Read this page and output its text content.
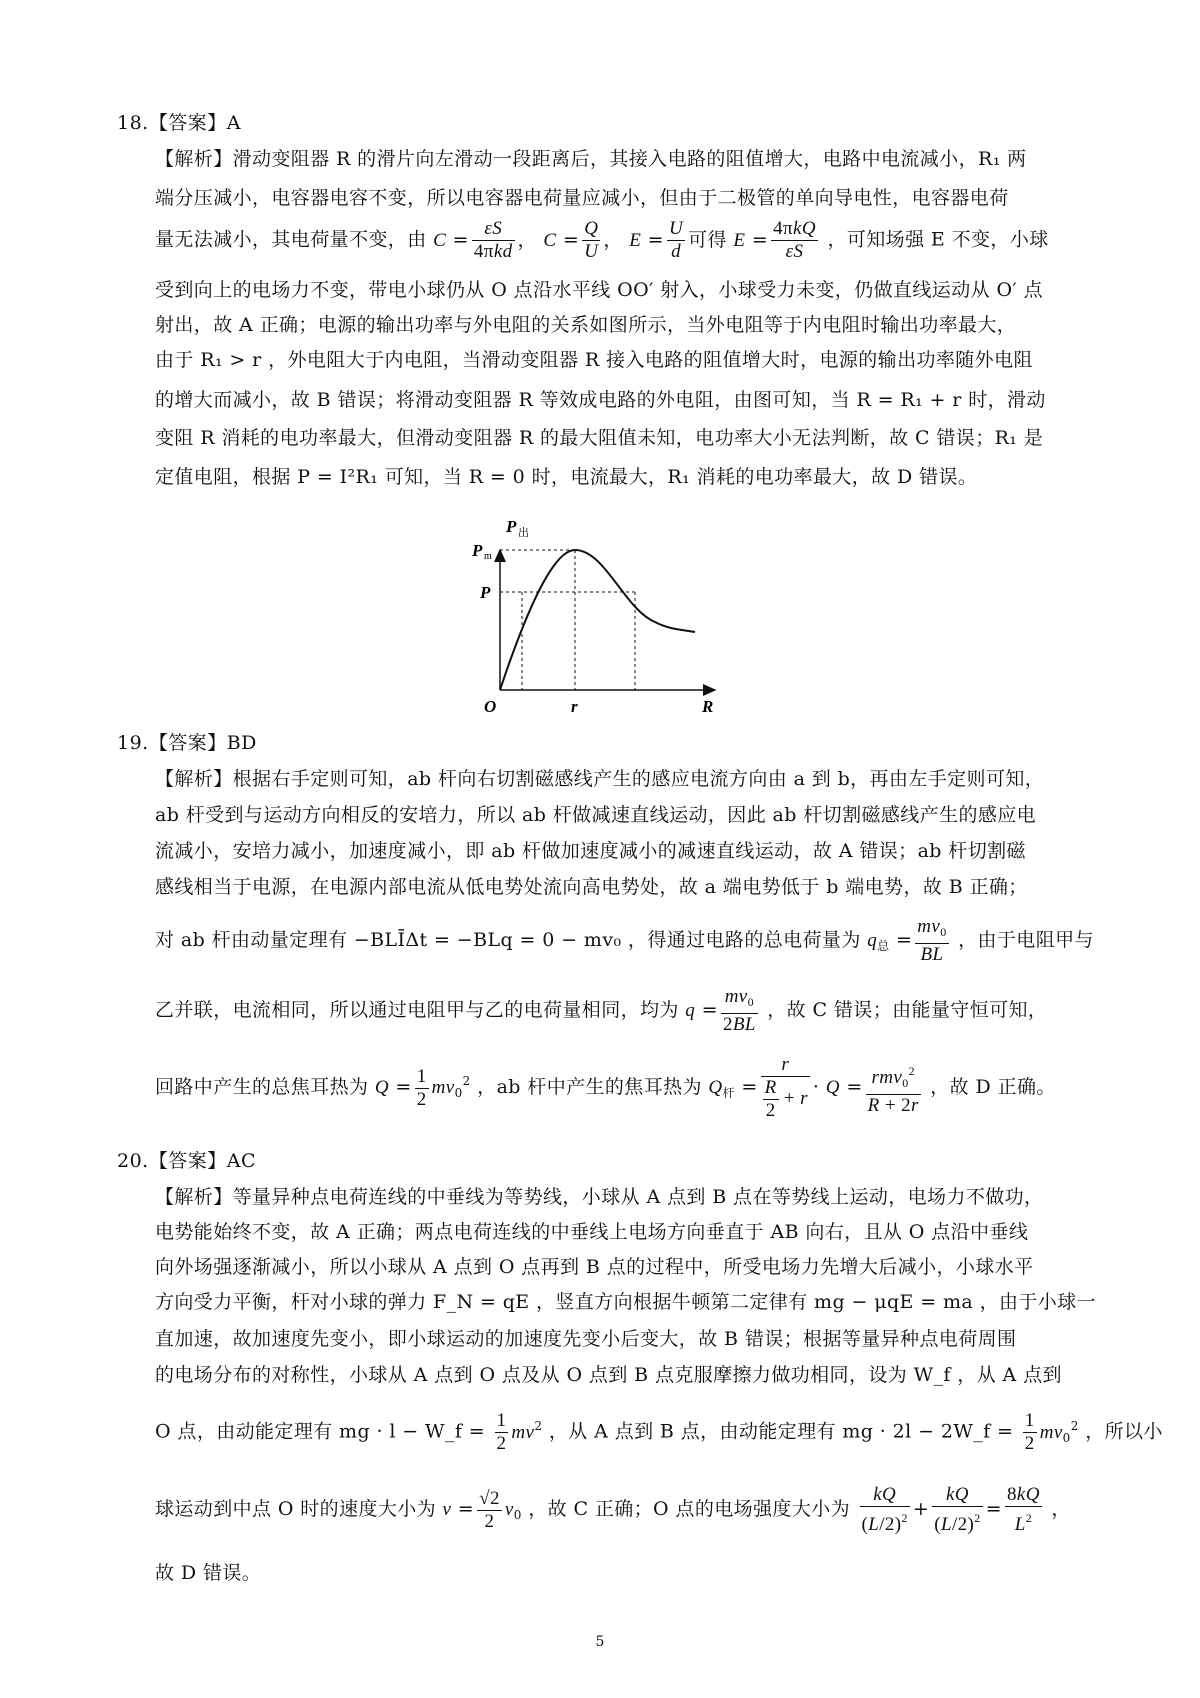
18.【答案】A
【解析】滑动变阻器 R 的滑片向左滑动一段距离后，其接入电路的阻值增大，电路中电流减小，R₁ 两
端分压减小，电容器电容不变，所以电容器电荷量应减小，但由于二极管的单向导电性，电容器电荷
量无法减小，其电荷量不变，由 $C = \frac{\varepsilon S}{\text{4πkd}}$ ， $C = \frac{Q}{U}$ ， $E = \frac{U}{d}$ 可得 $E = \frac{\text{4πkQ}}{\varepsilon S}$ ，可知场强 E 不变，小球
受到向上的电场力不变，带电小球仍从 O 点沿水平线 OO′ 射入，小球受力未变，仍做直线运动从 O′ 点
射出，故 A 正确；电源的输出功率与外电阻的关系如图所示，当外电阻等于内电阻时输出功率最大，
由于 R₁ > r ，外电阻大于内电阻，当滑动变阻器 R 接入电路的阻值增大时，电源的输出功率随外电阻
的增大而减小，故 B 错误；将滑动变阻器 R 等效成电路的外电阻，由图可知，当 R = R₁ + r 时，滑动
变阻 R 消耗的电功率最大，但滑动变阻器 R 的最大阻值未知，电功率大小无法判断，故 C 错误；R₁ 是
定值电阻，根据 P = I²R₁ 可知，当 R = 0 时，电流最大，R₁ 消耗的电功率最大，故 D 错误。
P 出
P m
P
O	r	R
19.【答案】BD
【解析】根据右手定则可知，ab 杆向右切割磁感线产生的感应电流方向由 a 到 b，再由左手定则可知，
ab 杆受到与运动方向相反的安培力，所以 ab 杆做减速直线运动，因此 ab 杆切割磁感线产生的感应电
流减小，安培力减小，加速度减小，即 ab 杆做加速度减小的减速直线运动，故 A 错误；ab 杆切割磁
感线相当于电源，在电源内部电流从低电势处流向高电势处，故 a 端电势低于 b 端电势，故 B 正确；
对 ab 杆由动量定理有 −BLĪΔt = −BLq = 0 − mv₀ ，得通过电路的总电荷量为 $q_总 = \frac{mv_0}{BL}$ ，由于电阻甲与
乙并联，电流相同，所以通过电阻甲与乙的电荷量相同，均为 $q = \frac{mv_0}{2BL}$ ，故 C 错误；由能量守恒可知，
回路中产生的总焦耳热为 $Q = \frac{1}{2} mv_0^2$ ，ab 杆中产生的焦耳热为 $Q_杆 = \frac{r}{\frac{R}{2} + r} \cdot Q = \frac{rmv_0^2}{R + 2r}$ ，故 D 正确。
20.【答案】AC
【解析】等量异种点电荷连线的中垂线为等势线，小球从 A 点到 B 点在等势线上运动，电场力不做功，
电势能始终不变，故 A 正确；两点电荷连线的中垂线上电场方向垂直于 AB 向右，且从 O 点沿中垂线
向外场强逐渐减小，所以小球从 A 点到 O 点再到 B 点的过程中，所受电场力先增大后减小，小球水平
方向受力平衡，杆对小球的弹力 F_N = qE ，竖直方向根据牛顿第二定律有 mg − μqE = ma ，由于小球一
直加速，故加速度先变小，即小球运动的加速度先变小后变大，故 B 错误；根据等量异种点电荷周围
的电场分布的对称性，小球从 A 点到 O 点及从 O 点到 B 点克服摩擦力做功相同，设为 W_f ，从 A 点到
O 点，由动能定理有 mg · l − W_f = $\frac{1}{2} mv^2$ ，从 A 点到 B 点，由动能定理有 mg · 2l − 2W_f = $\frac{1}{2} mv_0^2$ ，所以小
球运动到中点 O 时的速度大小为 $v = \frac{√2}{2} v_0$ ，故 C 正确；O 点的电场强度大小为 $\frac{kQ}{(L/2)^2} + \frac{kQ}{(L/2)^2} = \frac{8kQ}{L^2}$ ，
故 D 错误。
5
